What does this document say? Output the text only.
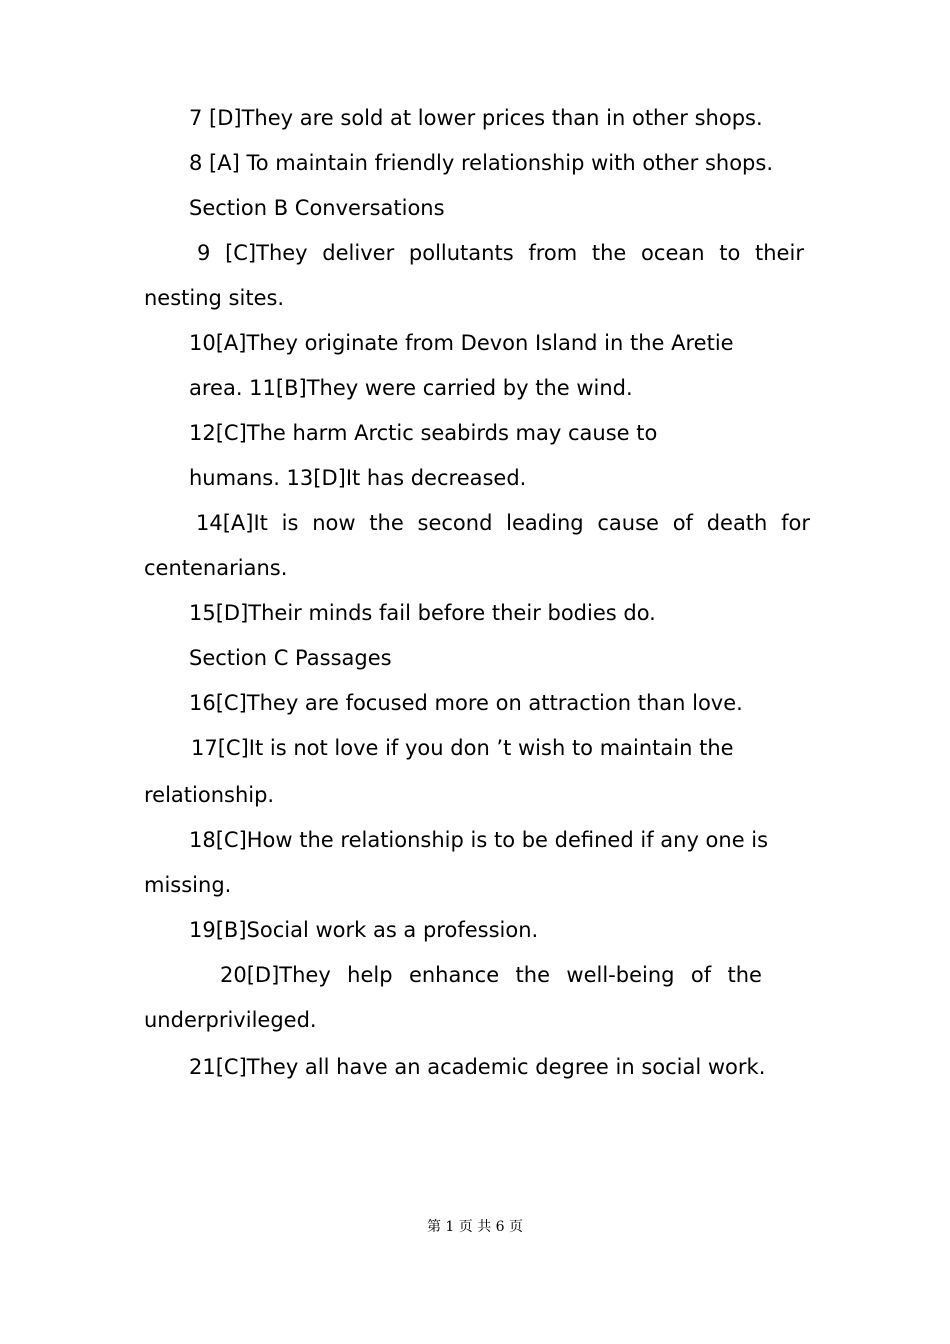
7 [D]They are sold at lower prices than in other shops.

8 [A] To maintain friendly relationship with other shops.

Section B Conversations

9 [C]They deliver pollutants from the ocean to their

nesting sites.

10[A]They originate from Devon Island in the Aretie

area. 11[B]They were carried by the wind.

12[C]The harm Arctic seabirds may cause to

humans. 13[D]It has decreased.

14[A]It is now the second leading cause of death for

centenarians.

15[D]Their minds fail before their bodies do.

Section C Passages

16[C]They are focused more on attraction than love.

17[C]It is not love if you don ’t wish to maintain the

relationship.

18[C]How the relationship is to be defined if any one is

missing.

19[B]Social work as a profession.

20[D]They help enhance the well-being of the

underprivileged.

21[C]They all have an academic degree in social work.

第 1 页 共 6 页
